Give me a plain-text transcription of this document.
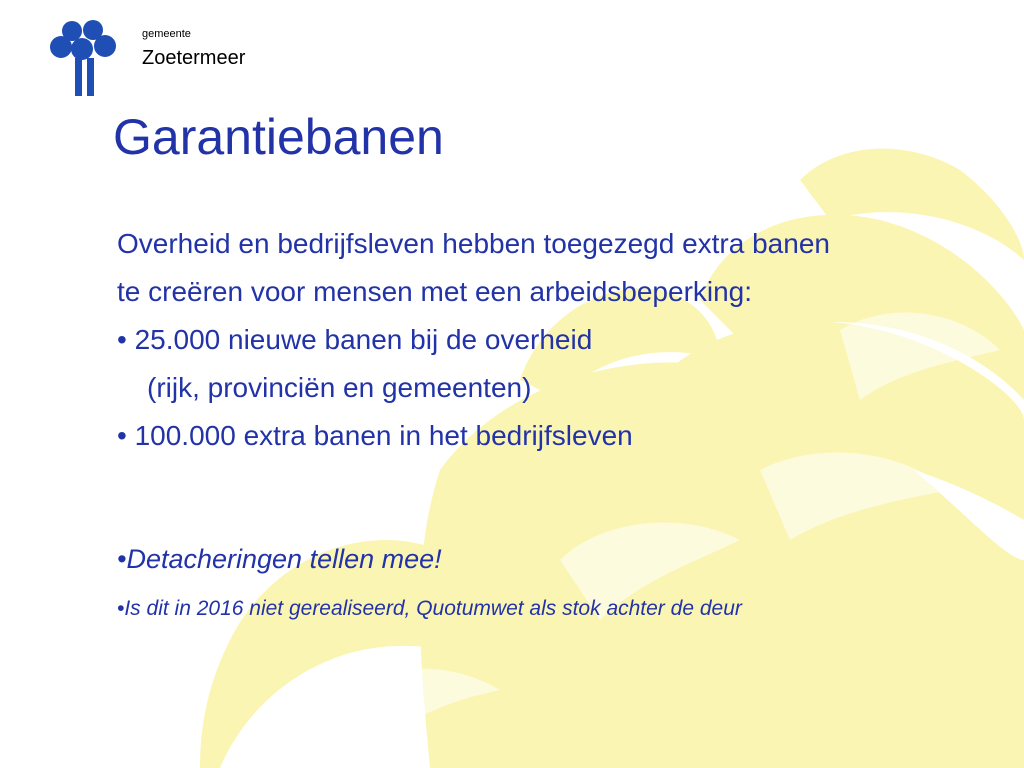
gemeente
Zoetermeer
Garantiebanen
Overheid en bedrijfsleven hebben toegezegd extra banen
te creëren voor mensen met een arbeidsbeperking:
• 25.000 nieuwe banen bij de overheid
(rijk, provinciën en gemeenten)
• 100.000 extra banen in het bedrijfsleven
•Detacheringen tellen mee!
•Is dit in 2016 niet gerealiseerd, Quotumwet als stok achter de deur
